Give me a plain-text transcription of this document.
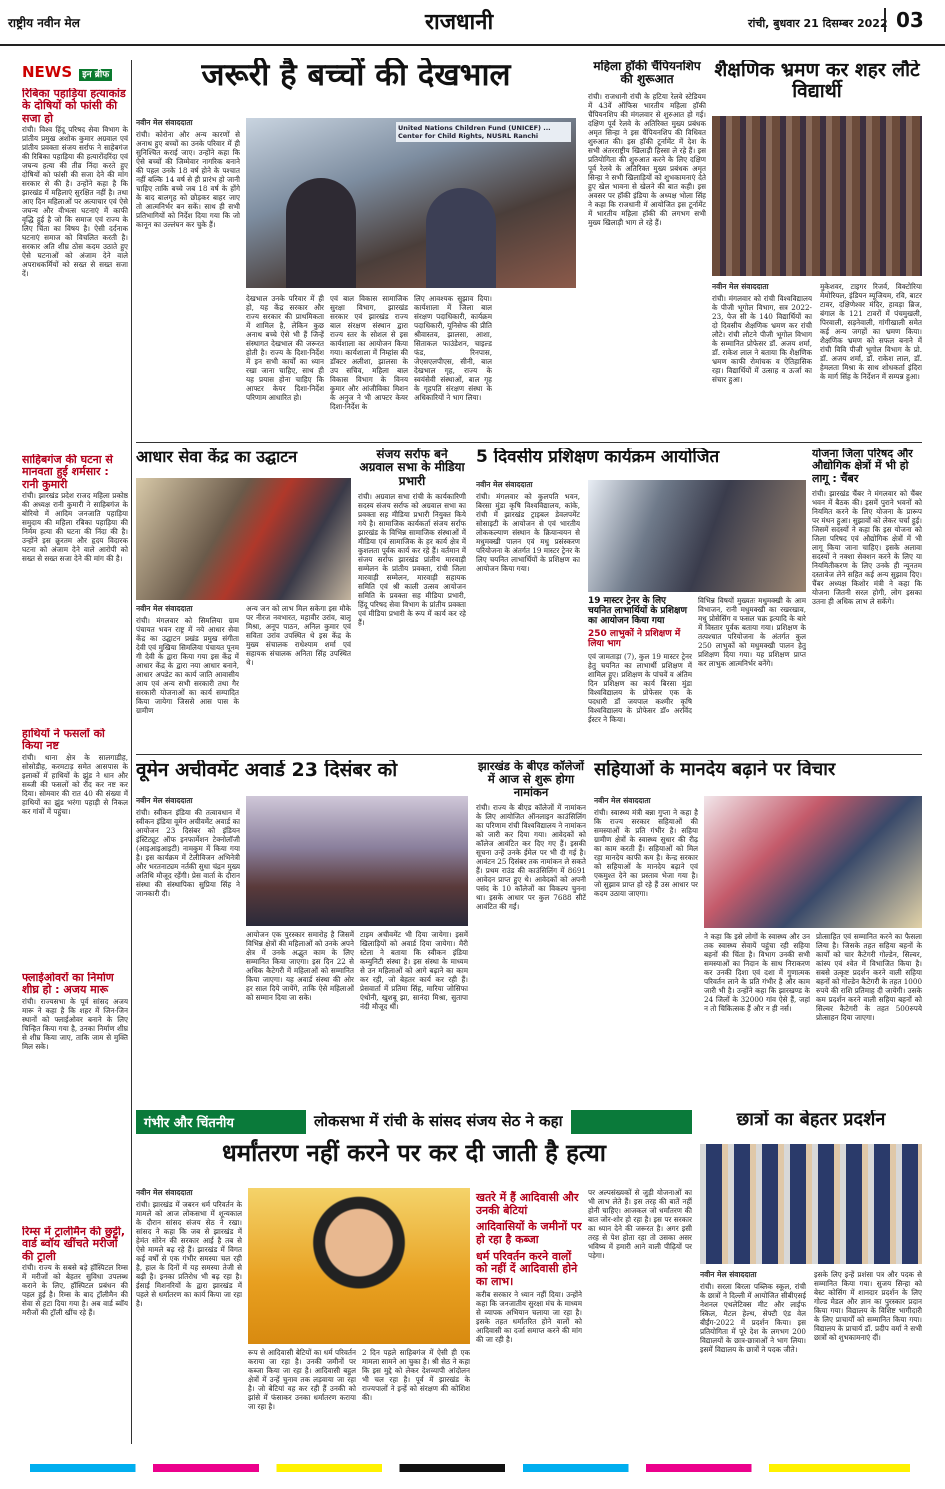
राष्ट्रीय नवीन मेल	राजधानी	रांची, बुधवार 21 दिसम्बर 2022 03
NEWS इन ब्रीफ
रिबिका पहाड़िया हत्याकांड के दोषियों को फांसी की सजा हो
रांची। विश्व हिंदू परिषद सेवा विभाग के प्रांतीय प्रमुख अशोक कुमार अग्रवाल एवं प्रांतीय प्रवक्ता संजय सर्राफ ने साहेबगंज की रिबिका पहाड़िया की हत्यारोंदरिंदा एवं जघन्य हत्या की तीव्र निंदा करते हुए दोषियों को फांसी की सजा देने की मांग सरकार से की है। उन्होंने कहा है कि झारखंड में महिलाएं सुरक्षित नहीं है। तथा आए दिन महिलाओं पर अत्याचार एवं ऐसे जघन्य और वीभत्स घटनाएं में काफी वृद्धि हुई है जो कि समाज एवं राज्य के लिए चिंता का विषय है। ऐसी दर्दनाक घटनाएं समाज को विचलित करती है। सरकार अति शीघ्र ठोस कदम उठाते हुए ऐसे घटनाओं को अंजाम देने वाले अपराधकर्मियों को सख्त से सख्त सजा दें।
साहिबगंज की घटना से मानवता हुई शर्मसार : रानी कुमारी
रांची। झारखंड प्रदेश राजद महिला प्रकोष्ठ की अध्यक्ष रानी कुमारी ने साहिबगंज के बोरियो में आदिम जनजाति पहाड़िया समुदाय की महिला रबिका पहाड़िया की निर्मम हत्या की घटना की निंदा की है। उन्होंने इस क्रूरतम और हृदय विदारक घटना को अंजाम देने वाले आरोपी को सख्त से सख्त सजा देने की मांग की है।
हाथियों ने फसलों को किया नष्ट
रांची। थाना क्षेत्र के सालगाडीह, सोसोडीह, करमटाड़ समेत आसपास के इलाकों में हाथियों के झुंड ने धान और सब्जी की फसलों को रौंद कर नष्ट कर दिया। सोमवार की रात 40 की संख्या में हाथियों का झुंड भरंगा पहाड़ी से निकल कर गांवों में पहुंचा।
फ्लाईओवरों का निर्माण शीघ्र हो : अजय मारू
रांची। राज्यसभा के पूर्व सांसद अजय मारू ने कहा है कि शहर में जिन-जिन स्थानों को फ्लाईओवर बनाने के लिए चिन्हित किया गया है, उनका निर्माण शीघ्र से शीघ्र किया जाए, ताकि जाम से मुक्ति मिल सके।
रिम्स में ट्रालीमैन की छुट्टी, वार्ड ब्वॉय खींचते मरीजों की ट्राली
रांची। राज्य के सबसे बड़े हॉस्पिटल रिम्स में मरीजों को बेहतर सुविधा उपलब्ध कराने के लिए, हॉस्पिटल प्रबंधन की पहल हुई है। रिम्स के बाद ट्रॉलीमैन की सेवा से हटा दिया गया है। अब वार्ड ब्वॉय मरीजों की ट्रॉली खींच रहे हैं।
जरूरी है बच्चों की देखभाल
नवीन मेल संवाददाता
रांची। कोरोना और अन्य कारणों से अनाथ हुए बच्चों का उनके परिवार में ही सुनिश्चित कराई जाए। उन्होंने कहा कि ऐसे बच्चों की जिम्मेवार नागरिक बनाने की पहल उनके 18 वर्ष होने के पश्चात नहीं बल्कि 14 वर्ष से ही प्रारंभ हो जानी चाहिए ताकि बच्चे जब 18 वर्ष के होंगे के बाद बालगृह को छोड़कर बाहर जाए तो आत्मनिर्भर बन सकें। साथ ही सभी प्रतिभागियों को निर्देश दिया गया कि जो कानून का उल्लंघन कर चुके हैं।
United Nations Children Fund (UNICEF) ... Center for Child Rights, NUSRL Ranchi
देखभाल उनके परिवार में ही हो, यह केंद्र सरकार और राज्य सरकार की प्राथमिकता में शामिल है, लेकिन कुछ अनाथ बच्चे ऐसे भी हैं जिन्हें संस्थागत देखभाल की जरूरत होती है। राज्य के दिशा-निर्देश में इन सभी कार्यों का ध्यान रखा जाना चाहिए, साथ ही यह प्रयास होना चाहिए कि आफ्टर केयर दिशा-निर्देश परिणाम आधारित हो।
एवं बाल विकास सामाजिक सुरक्षा विभाग, झारखंड सरकार एवं झारखंड राज्य बाल संरक्षण संस्थान द्वारा राज्य स्तर के सोशल से इस कार्यशाला का आयोजन किया गया। कार्यशाला में निम्हांस की डॉक्टर अलीशा, झालसा के उप सचिव, महिला बाल विकास विभाग के विनय कुमार और आंजीविका मिशन के अनुज ने भी आफ्टर केयर दिशा-निर्देश के
लिए आवश्यक सुझाव दिया। कार्यशाला में जिला बाल संरक्षण पदाधिकारी, कार्यक्रम पदाधिकारी, यूनिसेफ की प्रीति श्रीवास्तव, झालसा, आशा, सिताकल फाउंडेशन, चाइल्ड फंड, रिनपास, जेएसएलपीएस, सीनी, बाल देखभाल गृह, राज्य के स्वयंसेवी संस्थाओं, बाल गृह के गृहपति संरक्षण संस्था के अधिकारियों ने भाग लिया।
महिला हॉकी चैंपियनशिप की शुरूआत
रांची। राजधानी रांची के हटिया रेलवे स्टेडियम में 43वें ऑफिस भारतीय महिला हॉकी चैंपियनशिप की मंगलवार से शुरुआत हो गई। दक्षिण पूर्व रेलवे के अतिरिक्त मुख्य प्रबंधक अमृत सिन्हा ने इस चैंपियनशिप की विधिवत शुरुआत की। इस हॉकी टूर्नामेंट में देश के सभी अंतरराष्ट्रीय खिलाड़ी हिस्सा ले रहे हैं। इस प्रतियोगिता की शुरुआत करने के लिए दक्षिण पूर्व रेलवे के अतिरिक्त मुख्य प्रबंधक अमृत सिन्हा ने सभी खिलाड़ियों को शुभकामनाएं देते हुए खेल भावना से खेलने की बात कही। इस अवसर पर हॉकी इंडिया के अध्यक्ष भोला सिंह ने कहा कि राजधानी में आयोजित इस टूर्नामेंट में भारतीय महिला हॉकी की लगभग सभी मुख्य खिलाड़ी भाग ले रहे हैं।
शैक्षणिक भ्रमण कर शहर लौटे विद्यार्थी
नवीन मेल संवाददाता
रांची। मंगलवार को रांची विश्वविद्यालय के पीजी भूगोल विभाग, सत्र 2022-23, पेज सी के 140 विद्यार्थियों का दो दिवसीय शैक्षणिक भ्रमण कर रांची लौटे। रांची लौटने पीजी भूगोल विभाग के सम्मानित प्रोफेसर डॉ. अजय शर्मा, डॉ. राकेश लाल ने बताया कि शैक्षणिक भ्रमण काफी रोमांचक व ऐतिहासिक रहा। विद्यार्थियों में उत्साह व ऊर्जा का संचार हुआ।
मुकेशवर, टाइगर रिजर्व, विक्टोरिया मेमोरियल, इंडियन म्यूजियम, रवि, बाटर टावर, दक्षिणेश्वर मंदिर, हावड़ा ब्रिज, बंगाल के 121 टावरों में पंचमुखली, पिरवाली, सड़नेवाली, गांगीखाली समेत कई अन्य जगहों का भ्रमण किया। शैक्षणिक भ्रमण को सफल बनाने में रांची विवि पीजी भूगोल विभाग के प्रो. डॉ. अजय शर्मा, डॉ. राकेश लाल, डॉ. हेमलता मिश्रा के साथ शोधकर्ता इंदिरा के मार्ग सिंह के निर्देशन में सम्पन्न हुआ।
आधार सेवा केंद्र का उद्घाटन
नवीन मेल संवाददाता
रांची। मंगलवार को सिमलिया ग्राम पंचायत भवन राष्ट्र में नये आधार सेवा केंद्र का उद्घाटन प्रखंड प्रमुख संगीता देवी एवं मुखिया सिमलिया पंचायत पूनम गी देवी के द्वारा किया गया इस केंद्र में आधार केंद्र के द्वारा नया आधार बनाने, आधार अपडेट का कार्य जाति आवासीय आय एवं अन्य सभी सरकारी तथा गैर सरकारी योजनाओं का कार्य सम्पादित किया जायेगा जिससे आस पास के ग्रामीण
अन्य जन को लाभ मिल सकेगा इस मौके पर नीरज नवभारत, महावीर उरांव, बालू मिश्रा, अनूप पाठन, अनिल कुमार एवं सविता उरांव उपस्थित थे इस केंद्र के मुख्य संचालक राधेश्याम शर्मा एवं सहायक संचालक अनिता सिंह उपस्थित थे।
संजय सर्राफ बने अग्रवाल सभा के मीडिया प्रभारी
रांची। अग्रवाल सभा रांची के कार्यकारिणी सदस्य संजय सर्राफ को अग्रवाल सभा का प्रवक्ता सह मीडिया प्रभारी नियुक्त किये गये है। सामाजिक कार्यकर्ता संजय सर्राफ झारखंड के विभिन्न सामाजिक संस्थाओं में मीडिया एवं सामाजिक के हर कार्य क्षेत्र में कुशलता पूर्वक कार्य कर रहे हैं। वर्तमान में संजय सर्राफ झारखंड प्रांतीय मारवाड़ी सम्मेलन के प्रांतीय प्रवक्ता, रांची जिला मारवाड़ी सम्मेलन, मारवाड़ी सहायक समिति एवं श्री काली उत्सव आयोजन समिति के प्रवक्ता सह मीडिया प्रभारी, हिंदू परिषद सेवा विभाग के प्रांतीय प्रवक्ता एवं मीडिया प्रभारी के रूप में कार्य कर रहे हैं।
5 दिवसीय प्रशिक्षण कार्यक्रम आयोजित
नवीन मेल संवाददाता
रांची। मंगलवार को कुलपति भवन, बिरसा मुंडा कृषि विश्वविद्यालय, कांके, रांची में झारखंड ट्राइबल डेवलपमेंट सोसाइटी के आयोजन से एवं भारतीय लोककल्याण संस्थान के क्रियान्वयन से मधुमक्खी पालन एवं मधु प्रसंस्करण परियोजना के अंतर्गत 19 मास्टर ट्रेनर के लिए चयनित लाभार्थियों के प्रशिक्षण का आयोजन किया गया।
19 मास्टर ट्रेनर के लिए चयनित लाभार्थियों के प्रशिक्षण का आयोजन किया गया
250 लाभुकों ने प्रशिक्षण में लिया भाग
एवं जामताड़ा (7), कुल 19 मास्टर ट्रेनर हेतु चयनित का लाभार्थी प्रशिक्षण में शामिल हुए। प्रशिक्षण के पांचवें व अंतिम दिन प्रशिक्षण का कार्य बिरसा मुंडा विश्वविद्यालय के प्रोफेसर एक के पदधारी डॉ जयपाल कश्मीर कृषि विश्वविद्यालय के प्रोफेसर डॉ० अरविंद ईस्टर ने किया।
विभिन्न विषयों मुख्यतः मधुमक्खी के आम विभाजन, रानी मधुमक्खी का रखरखाव, मधु प्रोसेसिंग व फसल चक्र इत्यादि के बारे में विस्तार पूर्वक बताया गया। प्रशिक्षण के तत्पश्चात परियोजना के अंतर्गत कुल 250 लाभुकों को मधुमक्खी पालन हेतु प्रशिक्षण दिया गया। यह प्रशिक्षण प्राप्त कर लाभुक आत्मनिर्भर बनेंगे।
योजना जिला परिषद और औद्योगिक क्षेत्रों में भी हो लागू : चैंबर
रांची। झारखंड चैंबर ने मंगलवार को चैंबर भवन में बैठक की। इसमें पुराने भवनों को नियमित करने के लिए योजना के प्रारूप पर मंथन हुआ। सुझावों को लेकर चर्चा हुई। जिसमें सदस्यों ने कहा कि इस योजना को जिला परिषद एवं औद्योगिक क्षेत्रों में भी लागू किया जाना चाहिए। इसके अलावा सदस्यों ने नक्शा सेक्शन करने के लिए या नियमितीकरण के लिए उनके ही न्यूनतम दस्तावेज लेने सहित कई अन्य सुझाव दिए। चैंबर अध्यक्ष किशोर मंत्री ने कहा कि योजना जितनी सरल होगी, लोग इसका उतना ही अधिक लाभ ले सकेंगे।
वूमेन अचीवमेंट अवार्ड 23 दिसंबर को
नवीन मेल संवाददाता
रांची। स्वीकन इंडिया की तत्वावधान में स्वीकन इंडिया वूमेन अचीवमेंट अवार्ड का आयोजन 23 दिसंबर को इंडियन इंस्टिट्यूट ऑफ इनफार्मेशन टेक्नोलॉजी (आइआइआइटी) नामकुम में किया गया है। इस कार्यक्रम में टेलीविजन अभिनेत्री और भरतनाट्यम नर्तकी सुधा चंद्रन मुख्य अतिथि मौजूद रहेंगी। प्रेस वार्ता के दौरान संस्था की संस्थापिका सुप्रिया सिंह ने जानकारी दी।
आयोजन एक पुरस्कार समारोह है जिसमें विभिन्न क्षेत्रों की महिलाओं को उनके अपने क्षेत्र में उनके अद्भुत काम के लिए सम्मानित किया जाएगा। इस दिन 22 से अधिक कैटेगरी में महिलाओं को सम्मानित किया जाएगा। यह अवार्ड संस्था की ओर हर साल दिये जायेंगे, ताकि ऐसे महिलाओं को सम्मान दिया जा सके।
टाइम अचीवमेंट भी दिया जायेगा। इसमें खिलाड़ियों को अवार्ड दिया जायेगा। मैरी स्टेला ने बताया कि स्वीकन इंडिया कम्युनिटी संस्था है। इस संस्था के माध्यम से उन महिलाओं को आगे बढ़ाने का काम कर रही, जो बेहतर कार्य कर रही हैं। प्रेसवार्ता में प्रतिमा सिंह, मारिया जोसिफा एंथोनी, खुशबू झा, सानंदा मिश्रा, सुतापा नंदी मौजूद थीं।
झारखंड के बीएड कॉलेजों में आज से शुरू होगा नामांकन
रांची। राज्य के बीएड कॉलेजों में नामांकन के लिए आयोजित ऑनलाइन काउंसिलिंग का परिणाम रांची विश्वविद्यालय ने नामांकन को जारी कर दिया गया। आवेदकों को कॉलेज आवंटित कर दिए गए हैं। इसकी सूचना उन्हें उनके ईमेल पर भी दी गई है। आवंटन 25 दिसंबर तक नामांकन ले सकते हैं। प्रथम राउंड की काउंसिलिंग में 8691 आवेदन प्राप्त हुए थे। आवेदकों को अपनी पसंद के 10 कॉलेजों का विकल्प चुनना था। इसके आधार पर कुल 7688 सीटें आवंटित की गईं।
सहियाओं के मानदेय बढ़ाने पर विचार
नवीन मेल संवाददाता
रांची। स्वास्थ्य मंत्री बन्ना गुप्ता ने कहा है कि राज्य सरकार सहियाओं की समस्याओं के प्रति गंभीर है। सहिया ग्रामीण क्षेत्रों के स्वास्थ्य सुधार की रीढ़ का काम करती हैं। सहियाओं को मिल रहा मानदेय काफी कम है। केन्द्र सरकार को सहियाओं के मानदेय बढ़ाने एवं एकमुश्त देने का प्रस्ताव भेजा गया है। जो सुझाव प्राप्त हो रहे हैं उस आधार पर कदम उठाया जाएगा।
ने कहा कि इसे लोगों के स्वास्थ्य और उन तक स्वास्थ्य सेवायें पहुंचा रही सहिया बहनों की चिंता है। विभाग उनकी सभी समस्याओं का निदान के साथ निराकरण कर उनकी दिशा एवं दशा में गुणात्मक परिवर्तन लाने के प्रति गंभीर है और काम जारी भी है। उन्होंने कहा कि झारखण्ड के 24 जिलों के 32000 गांव ऐसे हैं, जहां न तो चिकित्सक हैं और न ही नर्स।
प्रोत्साहित एवं सम्मानित करने का फैसला लिया है। जिसके तहत सहिया बहनों के कार्यों को चार कैटेगरी गोल्डेन, सिल्वर, कांस्य एवं श्वेत में विभाजित किया है। सबसे उत्कृष्ट प्रदर्शन करने वाली सहिया बहनों को गोल्डेन कैटेगरी के तहत 1000 रुपये की राशि प्रतिमाह दी जायेगी। उसके कम प्रदर्शन करने वाली सहिया बहनों को सिल्वर कैटेगरी के तहत 500रुपये प्रोत्साहन दिया जाएगा।
गंभीर और चिंतनीय	लोकसभा में रांची के सांसद संजय सेठ ने कहा
धर्मांतरण नहीं करने पर कर दी जाती है हत्या
नवीन मेल संवाददाता
रांची। झारखंड में जबरन धर्म परिवर्तन के मामले को आज लोकसभा में शून्यकाल के दौरान सांसद संजय सेठ ने रखा। सांसद ने कहा कि जब से झारखंड में हेमंत सोरेन की सरकार आई है तब से ऐसे मामले बढ़ रहे हैं। झारखंड में विगत कई वर्षों से एक गंभीर समस्या चल रही है, हाल के दिनों में यह समस्या तेजी से बढ़ी है। इनका प्रतिरोध भी बढ़ रहा है। ईसाई मिशनरियों के द्वारा झारखंड में पहले से धर्मांतरण का कार्य किया जा रहा है।
रूप से आदिवासी बेटियों का धर्म परिवर्तन कराया जा रहा है। उनकी जमीनों पर कब्जा किया जा रहा है। आदिवासी बहुल क्षेत्रों में उन्हें चुनाव तक लड़वाया जा रहा है। जो बेटियां वह कर रही हैं उनकी को झांसे में फंसाकर उनका धर्मांतरण कराया जा रहा है।
2 दिन पहले साहिबगंज में ऐसी ही एक मामला सामने आ चुका है। श्री सेठ ने कहा कि इस मुद्दे को लेकर देशव्यापी आंदोलन भी चल रहा है। पूर्व में झारखंड के राज्यपालों ने इन्हें को संरक्षण की कोशिश की।
खतरे में हैं आदिवासी और उनकी बेटियां
आदिवासियों के जमीनों पर हो रहा है कब्जा
धर्म परिवर्तन करने वालों को नहीं दें आदिवासी होने का लाभ।
करीब सरकार ने ध्यान नहीं दिया। उन्होंने कहा कि जनजातीय सुरक्षा मंच के माध्यम से व्यापक अभियान चलाया जा रहा है। इसके तहत धर्मांतरित होने वालों को आदिवासी का दर्जा समाप्त करने की मांग की जा रही है।
पर अल्पसंख्यकों से जुड़ी योजनाओं का भी लाभ लेते हैं। इस तरह की बातें नहीं होनी चाहिए। आजकल जो धर्मांतरण की बात जोर-शोर हो रहा है। इस पर सरकार का ध्यान देने की जरूरत है। अगर इसी तरह से पेश होता रहा तो उसका असर भविष्य में हमारी आने वाली पीढ़ियों पर पड़ेगा।
छात्रों का बेहतर प्रदर्शन
नवीन मेल संवाददाता
रांची। सरला बिरला पब्लिक स्कूल, रांची के छात्रों ने दिल्ली में आयोजित सीबीएसई नेशनल एथलेटिक्स मीट और लाईफ स्किल, मैटल हेल्थ, सेफ्टी एंड वेल बीईंग-2022 में प्रदर्शन किया। इस प्रतियोगिता में पूरे देश के लगभग 200 विद्यालयों के छात्र-छात्राओं ने भाग लिया। इसमें विद्यालय के छात्रों ने पदक जीते।
इसके लिए इन्हें प्रशंसा पत्र और पदक से सम्मानित किया गया। सुजय सिन्हा को बेस्ट कोसिंग में शानदार प्रदर्शन के लिए गोल्ड मेडल और ज्ञान का पुरस्कार प्रदान किया गया। विद्यालय के विशिष्ट भागीदारी के लिए प्राचार्यों को सम्मानित किया गया। विद्यालय के प्राचार्य डॉ. प्रदीप वर्मा ने सभी छात्रों को शुभकामनाएं दीं।
